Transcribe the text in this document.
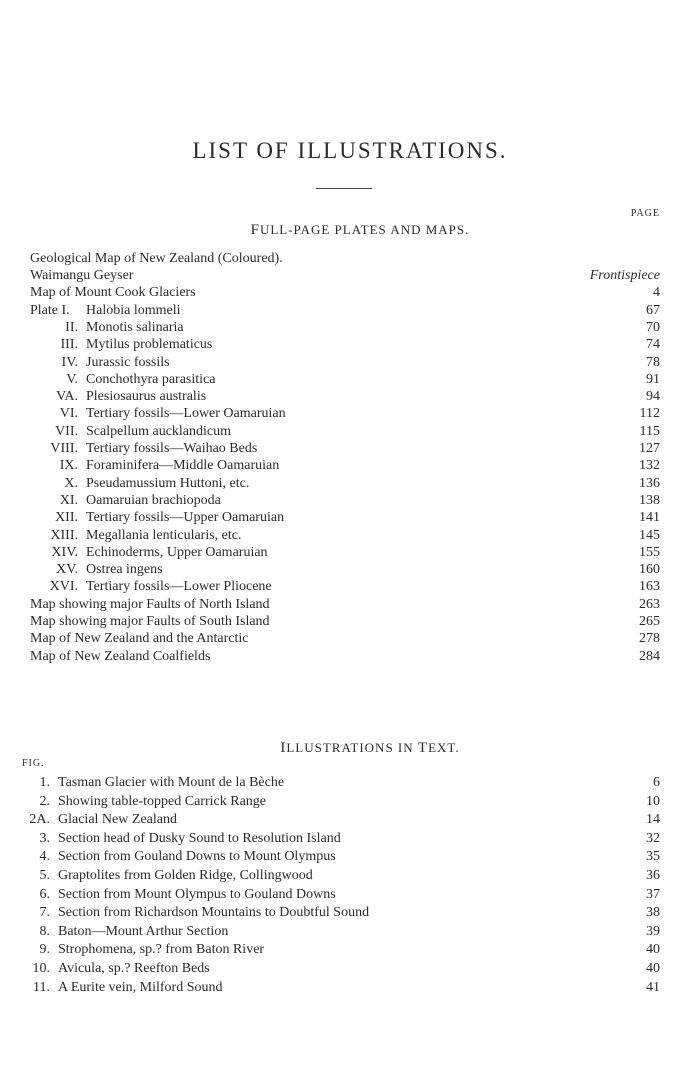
LIST OF ILLUSTRATIONS.
PAGE
FULL-PAGE PLATES AND MAPS.
Geological Map of New Zealand (Coloured).
Waimangu Geyser	Frontispiece
Map of Mount Cook Glaciers	4
Plate I. Halobia lommeli	67
II. Monotis salinaria	70
III. Mytilus problematicus	74
IV. Jurassic fossils	78
V. Conchothyra parasitica	91
VA. Plesiosaurus australis	94
VI. Tertiary fossils—Lower Oamaruian	112
VII. Scalpellum aucklandicum	115
VIII. Tertiary fossils—Waihao Beds	127
IX. Foraminifera—Middle Oamaruian	132
X. Pseudamussium Huttoni, etc.	136
XI. Oamaruian brachiopoda	138
XII. Tertiary fossils—Upper Oamaruian	141
XIII. Megallania lenticularis, etc.	145
XIV. Echinoderms, Upper Oamaruian	155
XV. Ostrea ingens	160
XVI. Tertiary fossils—Lower Pliocene	163
Map showing major Faults of North Island	263
Map showing major Faults of South Island	265
Map of New Zealand and the Antarctic	278
Map of New Zealand Coalfields	284
ILLUSTRATIONS IN TEXT.
FIG.
1. Tasman Glacier with Mount de la Bèche	6
2. Showing table-topped Carrick Range	10
2A. Glacial New Zealand	14
3. Section head of Dusky Sound to Resolution Island	32
4. Section from Gouland Downs to Mount Olympus	35
5. Graptolites from Golden Ridge, Collingwood	36
6. Section from Mount Olympus to Gouland Downs	37
7. Section from Richardson Mountains to Doubtful Sound	38
8. Baton—Mount Arthur Section	39
9. Strophomena, sp.? from Baton River	40
10. Avicula, sp.? Reefton Beds	40
11. A Eurite vein, Milford Sound	41
